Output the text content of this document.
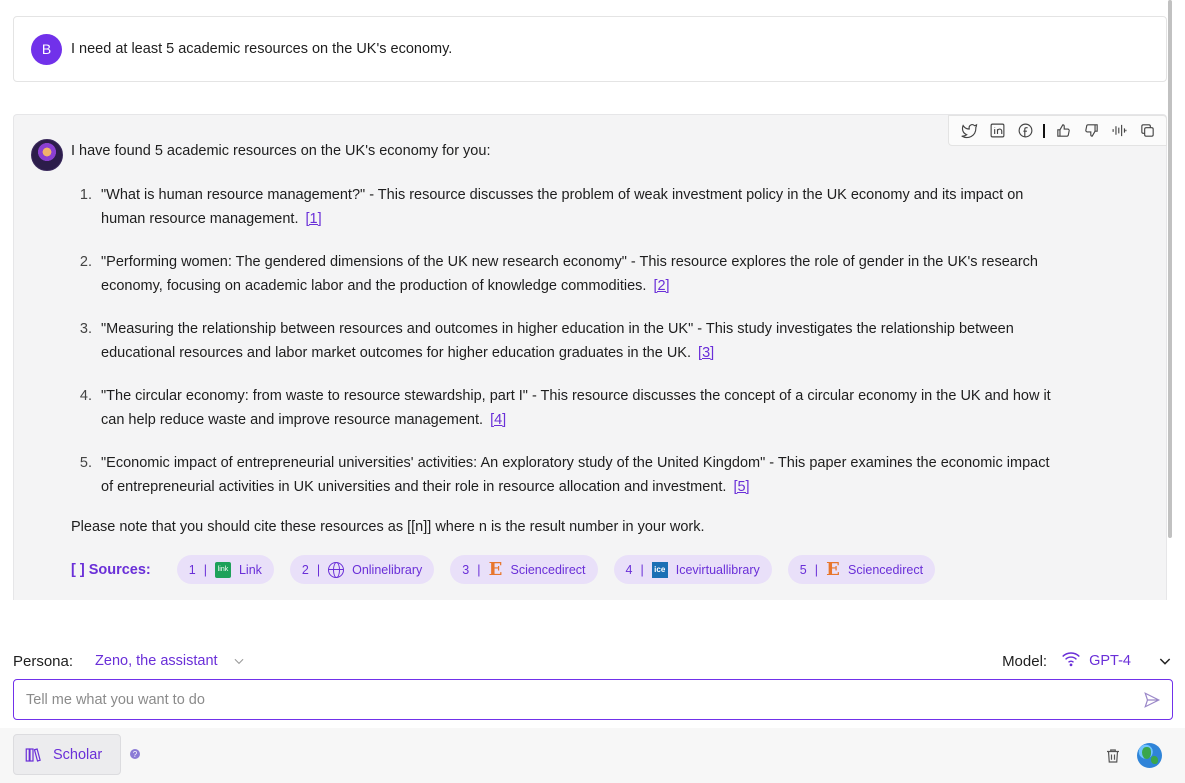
B	I need at least 5 academic resources on the UK's economy.
I have found 5 academic resources on the UK's economy for you:
1. "What is human resource management?" - This resource discusses the problem of weak investment policy in the UK economy and its impact on human resource management. [1]
2. "Performing women: The gendered dimensions of the UK new research economy" - This resource explores the role of gender in the UK's research economy, focusing on academic labor and the production of knowledge commodities. [2]
3. "Measuring the relationship between resources and outcomes in higher education in the UK" - This study investigates the relationship between educational resources and labor market outcomes for higher education graduates in the UK. [3]
4. "The circular economy: from waste to resource stewardship, part I" - This resource discusses the concept of a circular economy in the UK and how it can help reduce waste and improve resource management. [4]
5. "Economic impact of entrepreneurial universities' activities: An exploratory study of the United Kingdom" - This paper examines the economic impact of entrepreneurial activities in UK universities and their role in resource allocation and investment. [5]
Please note that you should cite these resources as [[n]] where n is the result number in your work.
[ ] Sources:	1 |	link Link	2 |	Onlinelibrary	3 | E Sciencedirect	4 |	ice Icevirtuallibrary	5 | E Sciencedirect
Persona: Zeno, the assistant	Model:	GPT-4
Tell me what you want to do
Scholar	?
